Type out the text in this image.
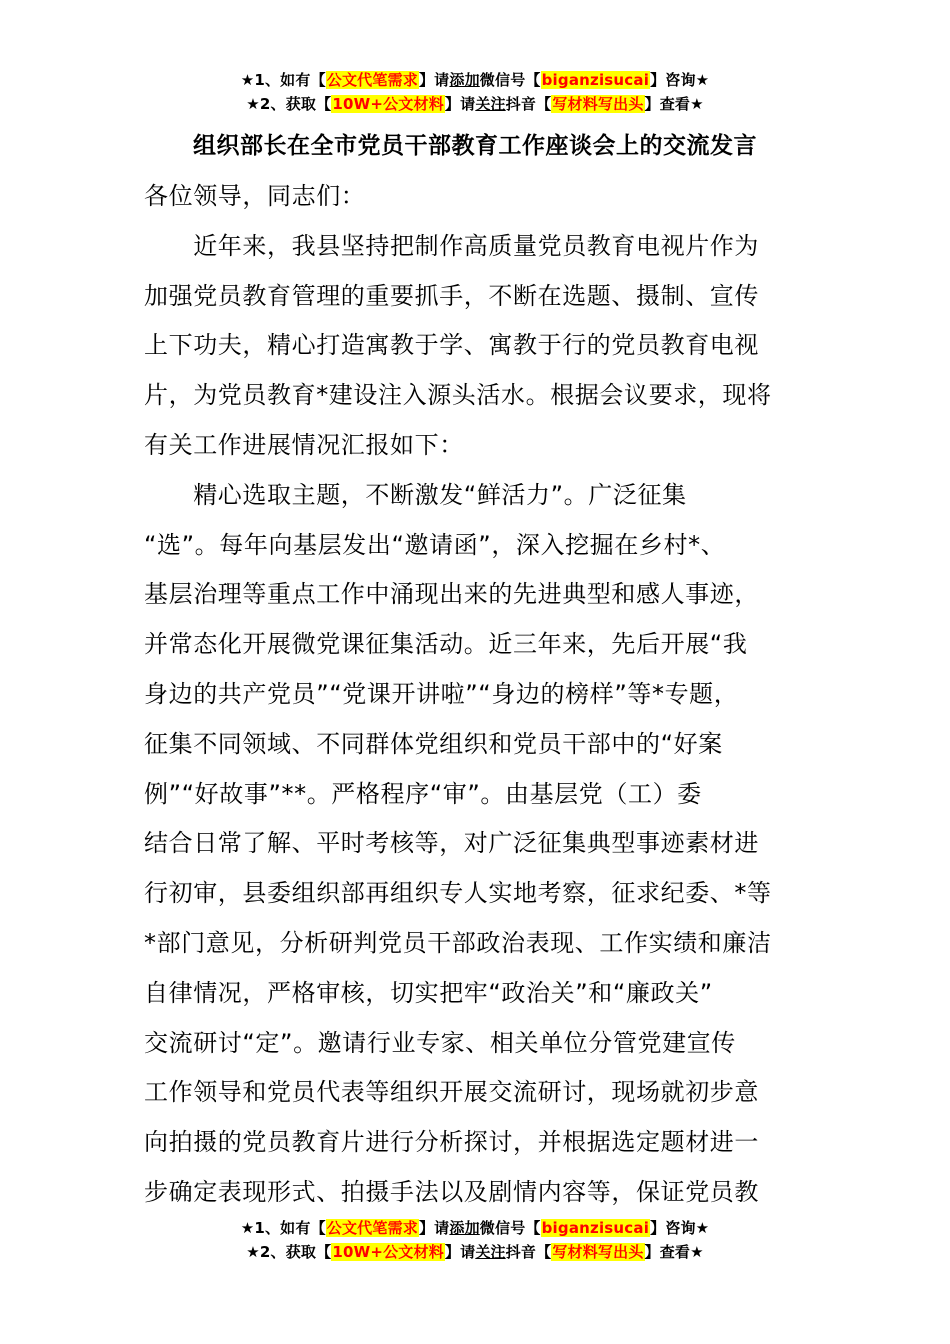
★1、如有【公文代笔需求】请添加微信号【biganzisucai】咨询★
★2、获取【10W+公文材料】请关注抖音【写材料写出头】查看★
组织部长在全市党员干部教育工作座谈会上的交流发言
各位领导，同志们：
　　近年来，我县坚持把制作高质量党员教育电视片作为
加强党员教育管理的重要抓手，不断在选题、摄制、宣传
上下功夫，精心打造寓教于学、寓教于行的党员教育电视
片，为党员教育*建设注入源头活水。根据会议要求，现将
有关工作进展情况汇报如下：
　　精心选取主题，不断激发“鲜活力”。广泛征集
“选”。每年向基层发出“邀请函”，深入挖掘在乡村*、
基层治理等重点工作中涌现出来的先进典型和感人事迹，
并常态化开展微党课征集活动。近三年来，先后开展“我
身边的共产党员”“党课开讲啦”“身边的榜样”等*专题，
征集不同领域、不同群体党组织和党员干部中的“好案
例”“好故事”**。严格程序“审”。由基层党（工）委
结合日常了解、平时考核等，对广泛征集典型事迹素材进
行初审，县委组织部再组织专人实地考察，征求纪委、*等
*部门意见，分析研判党员干部政治表现、工作实绩和廉洁
自律情况，严格审核，切实把牢“政治关”和“廉政关”
交流研讨“定”。邀请行业专家、相关单位分管党建宣传
工作领导和党员代表等组织开展交流研讨，现场就初步意
向拍摄的党员教育片进行分析探讨，并根据选定题材进一
步确定表现形式、拍摄手法以及剧情内容等，保证党员教
★1、如有【公文代笔需求】请添加微信号【biganzisucai】咨询★
★2、获取【10W+公文材料】请关注抖音【写材料写出头】查看★
